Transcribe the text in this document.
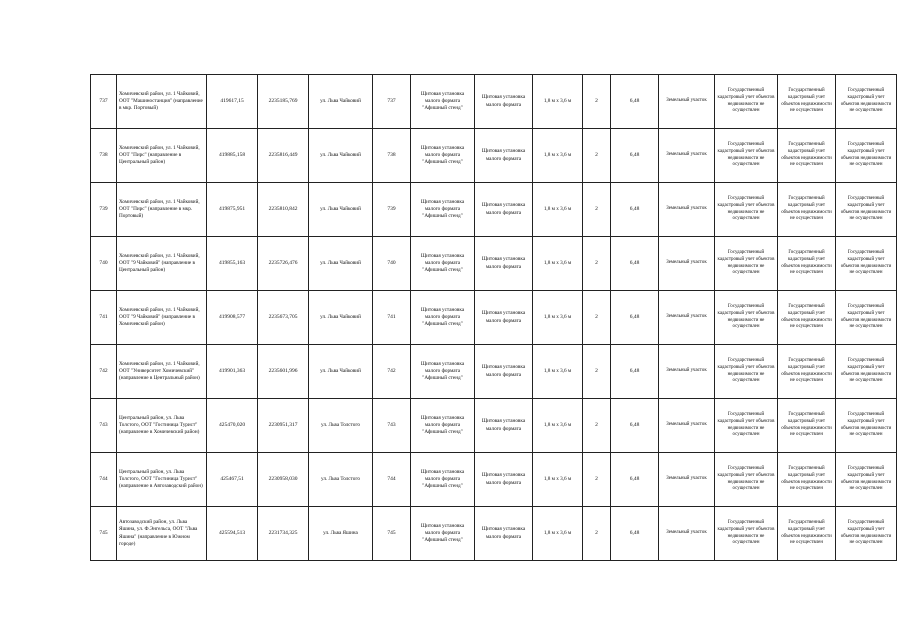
737	Хомичевский район, ул. 1 Чайковий, ООТ "Машиностанция" (направление в мкр. Портовый)	419617,15	2235185,769	ул. Льва Чайковий	737	Щитовая установка малого формата "Афишный стенд"	Щитовая установка малого формата	1,8 м х 3,6 м	2	6,48	Земельный участок	Государственный кадастровый учет объектов недвижимости не осуществлен	Государственный кадастровый учет объектов недвижимости не осуществлен	Государственный кадастровый учет объектов недвижимости не осуществлен
738	Хомичевский район, ул. 1 Чайковий, ООТ "Пирс" (направление в Центральный район)	419885,158	2235816,449	ул. Льва Чайковий	738	Щитовая установка малого формата "Афишный стенд"	Щитовая установка малого формата	1,8 м х 3,6 м	2	6,48	Земельный участок	Государственный кадастровый учет объектов недвижимости не осуществлен	Государственный кадастровый учет объектов недвижимости не осуществлен	Государственный кадастровый учет объектов недвижимости не осуществлен
739	Хомичевский район, ул. 1 Чайковий, ООТ "Пирс" (направление в мкр. Портовый)	419875,951	2235810,842	ул. Льва Чайковий	739	Щитовая установка малого формата "Афишный стенд"	Щитовая установка малого формата	1,8 м х 3,6 м	2	6,48	Земельный участок	Государственный кадастровый учет объектов недвижимости не осуществлен	Государственный кадастровый учет объектов недвижимости не осуществлен	Государственный кадастровый учет объектов недвижимости не осуществлен
740	Хомичевский район, ул. 1 Чайковий, ООТ "9 Чайковий" (направление в Центральный район)	419855,163	2235726,476	ул. Льва Чайковий	740	Щитовая установка малого формата "Афишный стенд"	Щитовая установка малого формата	1,8 м х 3,6 м	2	6,48	Земельный участок	Государственный кадастровый учет объектов недвижимости не осуществлен	Государственный кадастровый учет объектов недвижимости не осуществлен	Государственный кадастровый учет объектов недвижимости не осуществлен
741	Хомичевский район, ул. 1 Чайковий, ООТ "9 Чайковий" (направление в Хомичевский район)	419908,577	2235673,705	ул. Льва Чайковий	741	Щитовая установка малого формата "Афишный стенд"	Щитовая установка малого формата	1,8 м х 3,6 м	2	6,48	Земельный участок	Государственный кадастровый учет объектов недвижимости не осуществлен	Государственный кадастровый учет объектов недвижимости не осуществлен	Государственный кадастровый учет объектов недвижимости не осуществлен
742	Хомичевский район, ул. 1 Чайковий, ООТ "Университет Хомичевский" (направление в Центральный район)	419901,363	2235601,996	ул. Льва Чайковий	742	Щитовая установка малого формата "Афишный стенд"	Щитовая установка малого формата	1,8 м х 3,6 м	2	6,48	Земельный участок	Государственный кадастровый учет объектов недвижимости не осуществлен	Государственный кадастровый учет объектов недвижимости не осуществлен	Государственный кадастровый учет объектов недвижимости не осуществлен
743	Центральный район, ул. Льва Толстого, ООТ "Гостиница Турист" (направление в Хомичевский район)	425470,020	2230951,317	ул. Льва Толстого	743	Щитовая установка малого формата "Афишный стенд"	Щитовая установка малого формата	1,8 м х 3,6 м	2	6,48	Земельный участок	Государственный кадастровый учет объектов недвижимости не осуществлен	Государственный кадастровый учет объектов недвижимости не осуществлен	Государственный кадастровый учет объектов недвижимости не осуществлен
744	Центральный район, ул. Льва Толстого, ООТ "Гостиница Турист" (направление в Автозаводский район)	425467,51	2230958,030	ул. Льва Толстого	744	Щитовая установка малого формата "Афишный стенд"	Щитовая установка малого формата	1,8 м х 3,6 м	2	6,48	Земельный участок	Государственный кадастровый учет объектов недвижимости не осуществлен	Государственный кадастровый учет объектов недвижимости не осуществлен	Государственный кадастровый учет объектов недвижимости не осуществлен
745	Автозаводский район, ул. Льва Яшина, ул. Ф.Энгельса, ООТ "Льва Яшина" (направление в Южном городе)	425594,513	2231734,325	ул. Льва Яшина	745	Щитовая установка малого формата "Афишный стенд"	Щитовая установка малого формата	1,8 м х 3,6 м	2	6,48	Земельный участок	Государственный кадастровый учет объектов недвижимости не осуществлен	Государственный кадастровый учет объектов недвижимости не осуществлен	Государственный кадастровый учет объектов недвижимости не осуществлен
